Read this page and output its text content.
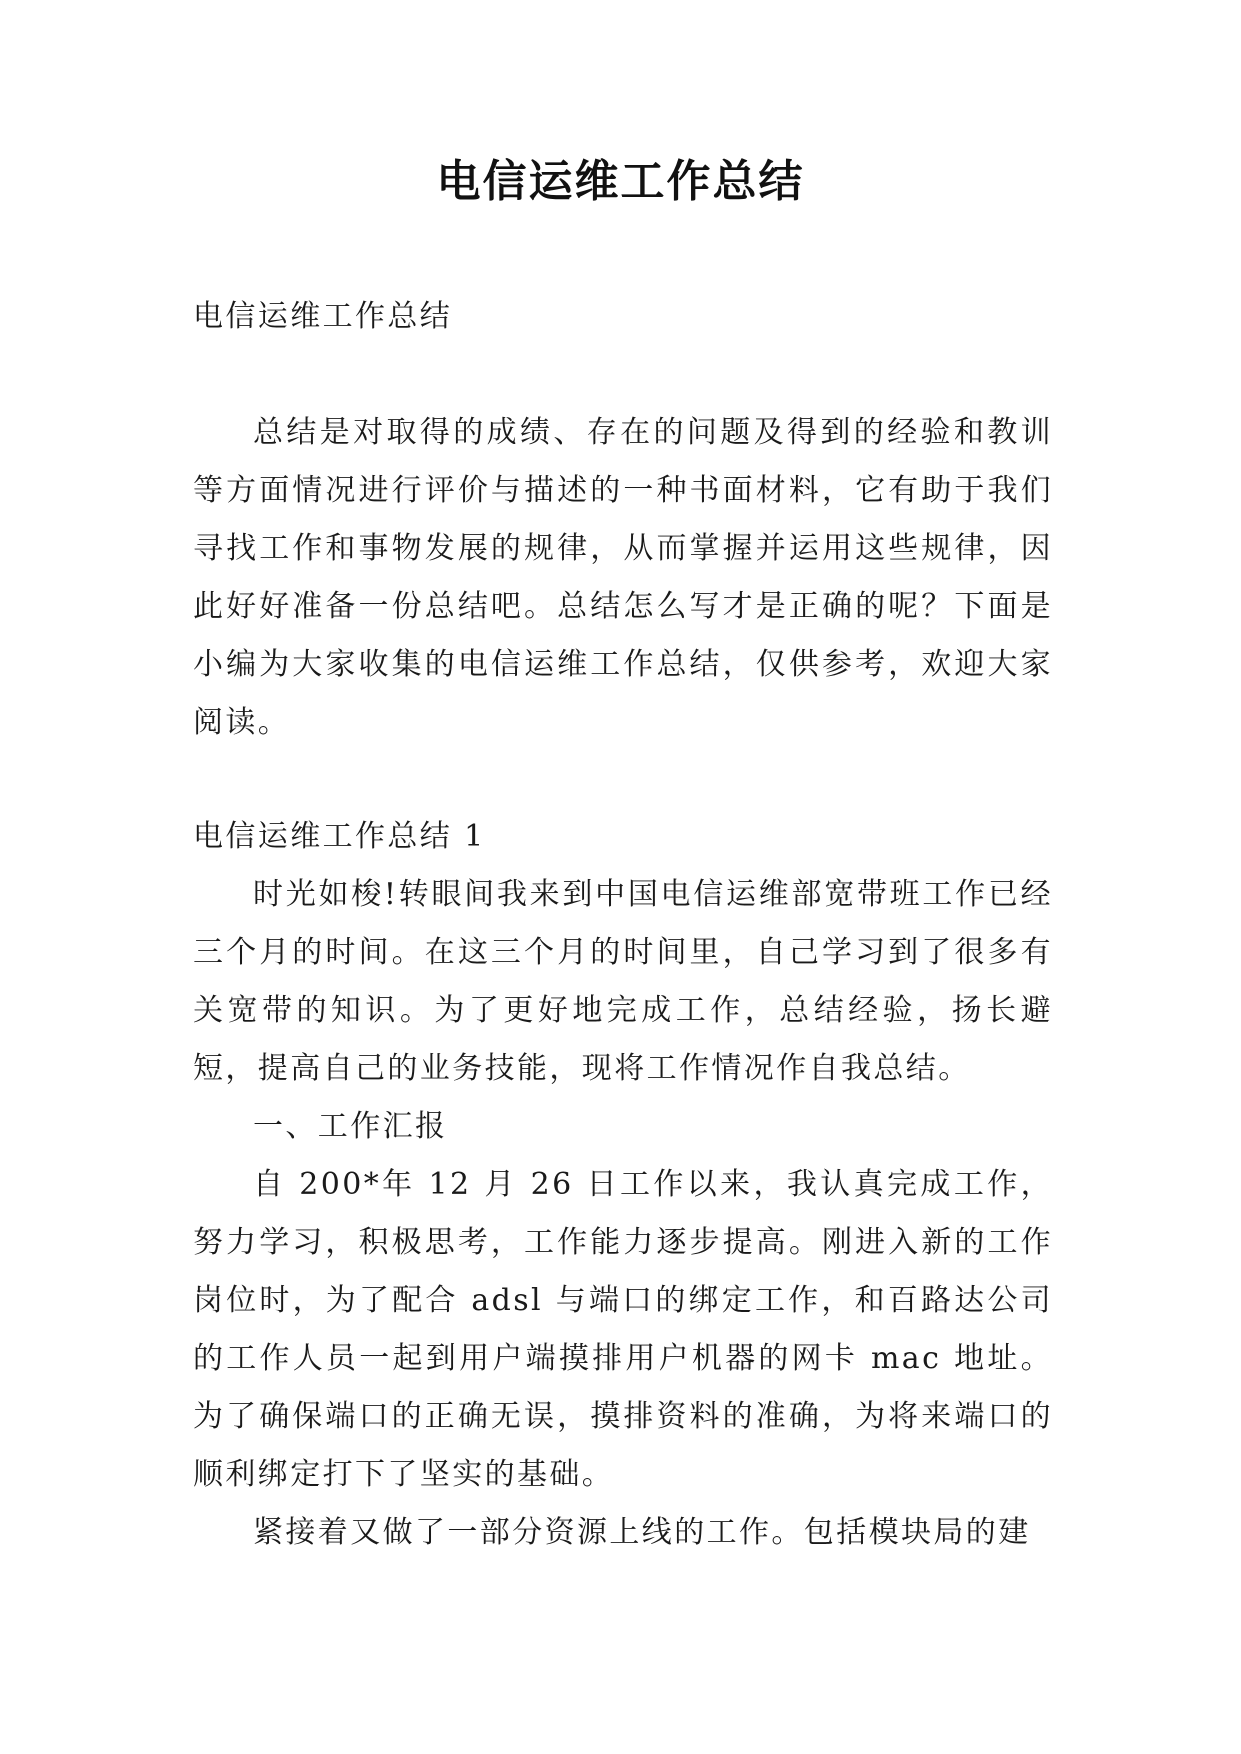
电信运维工作总结

电信运维工作总结

总结是对取得的成绩、存在的问题及得到的经验和教训等方面情况进行评价与描述的一种书面材料，它有助于我们寻找工作和事物发展的规律，从而掌握并运用这些规律，因此好好准备一份总结吧。总结怎么写才是正确的呢？下面是小编为大家收集的电信运维工作总结，仅供参考，欢迎大家阅读。

电信运维工作总结 1

时光如梭!转眼间我来到中国电信运维部宽带班工作已经三个月的时间。在这三个月的时间里，自己学习到了很多有关宽带的知识。为了更好地完成工作，总结经验，扬长避短，提高自己的业务技能，现将工作情况作自我总结。

一、工作汇报

自 200*年 12 月 26 日工作以来，我认真完成工作，努力学习，积极思考，工作能力逐步提高。刚进入新的工作岗位时，为了配合 adsl 与端口的绑定工作，和百路达公司的工作人员一起到用户端摸排用户机器的网卡 mac 地址。为了确保端口的正确无误，摸排资料的准确，为将来端口的顺利绑定打下了坚实的基础。

紧接着又做了一部分资源上线的工作。包括模块局的建
